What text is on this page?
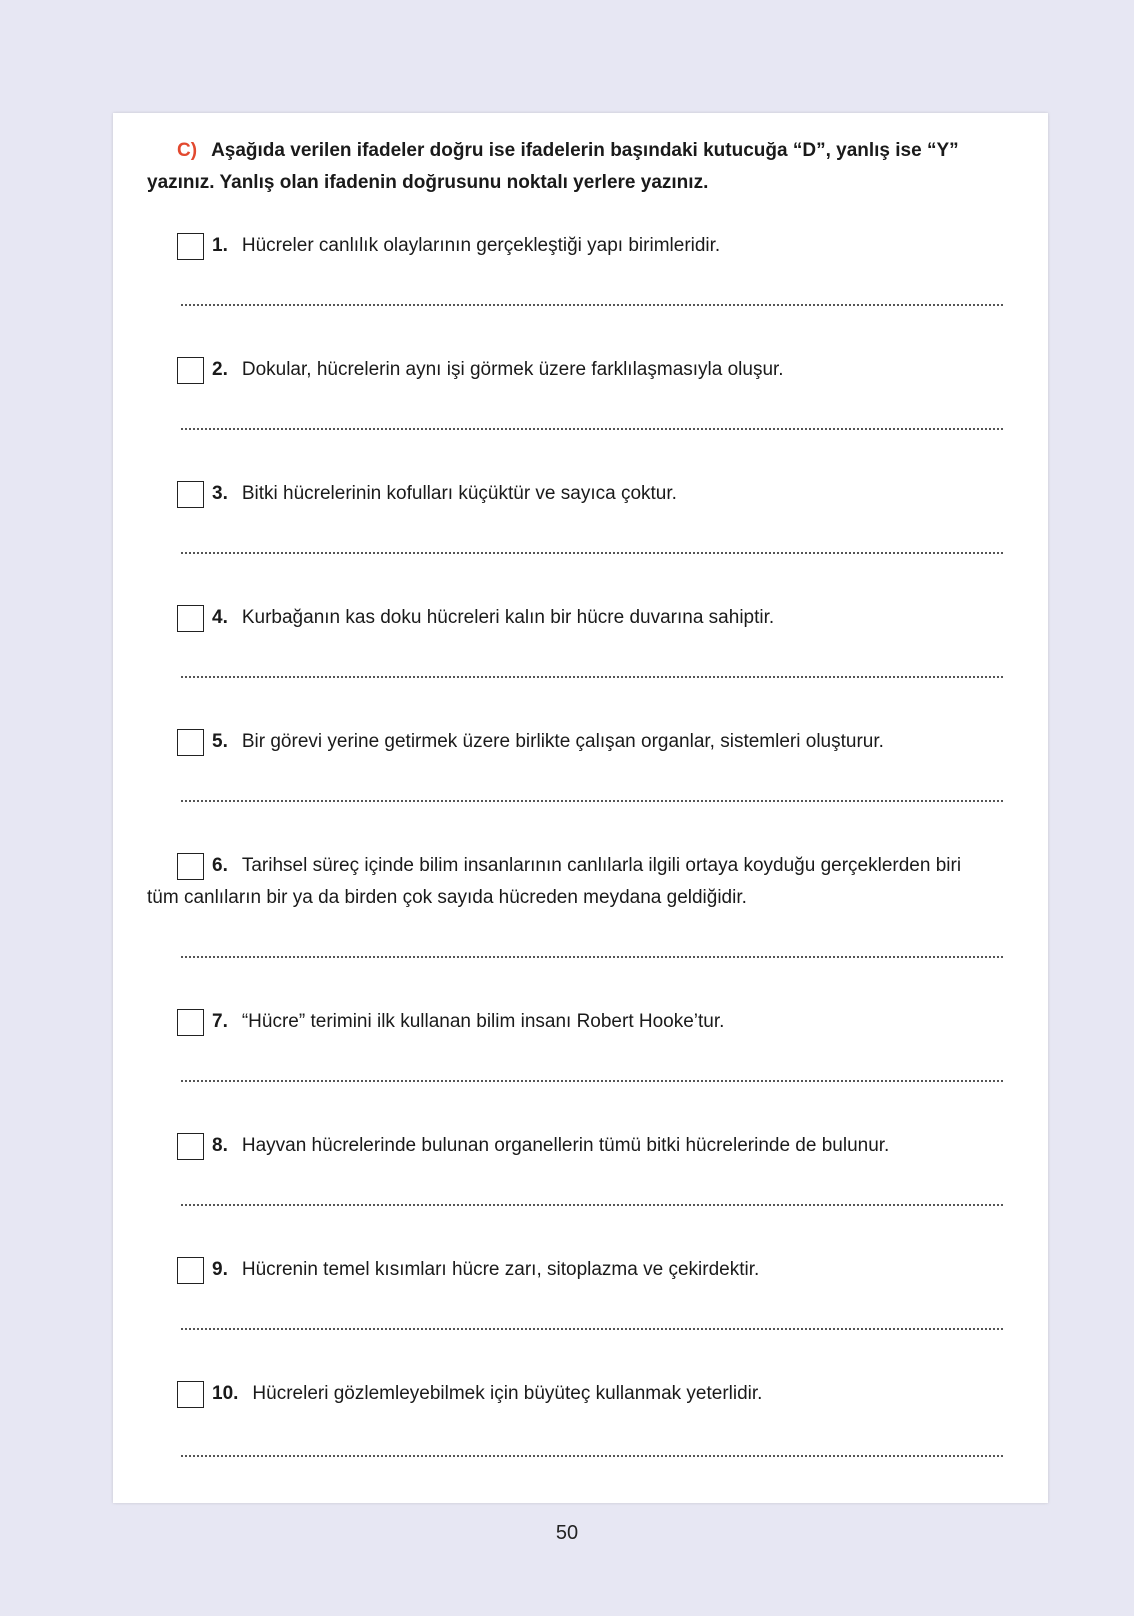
C) Aşağıda verilen ifadeler doğru ise ifadelerin başındaki kutucuğa “D”, yanlış ise “Y”
yazınız. Yanlış olan ifadenin doğrusunu noktalı yerlere yazınız.
1. Hücreler canlılık olaylarının gerçekleştiği yapı birimleridir.
2. Dokular, hücrelerin aynı işi görmek üzere farklılaşmasıyla oluşur.
3. Bitki hücrelerinin kofulları küçüktür ve sayıca çoktur.
4. Kurbağanın kas doku hücreleri kalın bir hücre duvarına sahiptir.
5. Bir görevi yerine getirmek üzere birlikte çalışan organlar, sistemleri oluşturur.
6. Tarihsel süreç içinde bilim insanlarının canlılarla ilgili ortaya koyduğu gerçeklerden biri
tüm canlıların bir ya da birden çok sayıda hücreden meydana geldiğidir.
7. “Hücre” terimini ilk kullanan bilim insanı Robert Hooke’tur.
8. Hayvan hücrelerinde bulunan organellerin tümü bitki hücrelerinde de bulunur.
9. Hücrenin temel kısımları hücre zarı, sitoplazma ve çekirdektir.
10. Hücreleri gözlemleyebilmek için büyüteç kullanmak yeterlidir.
50
